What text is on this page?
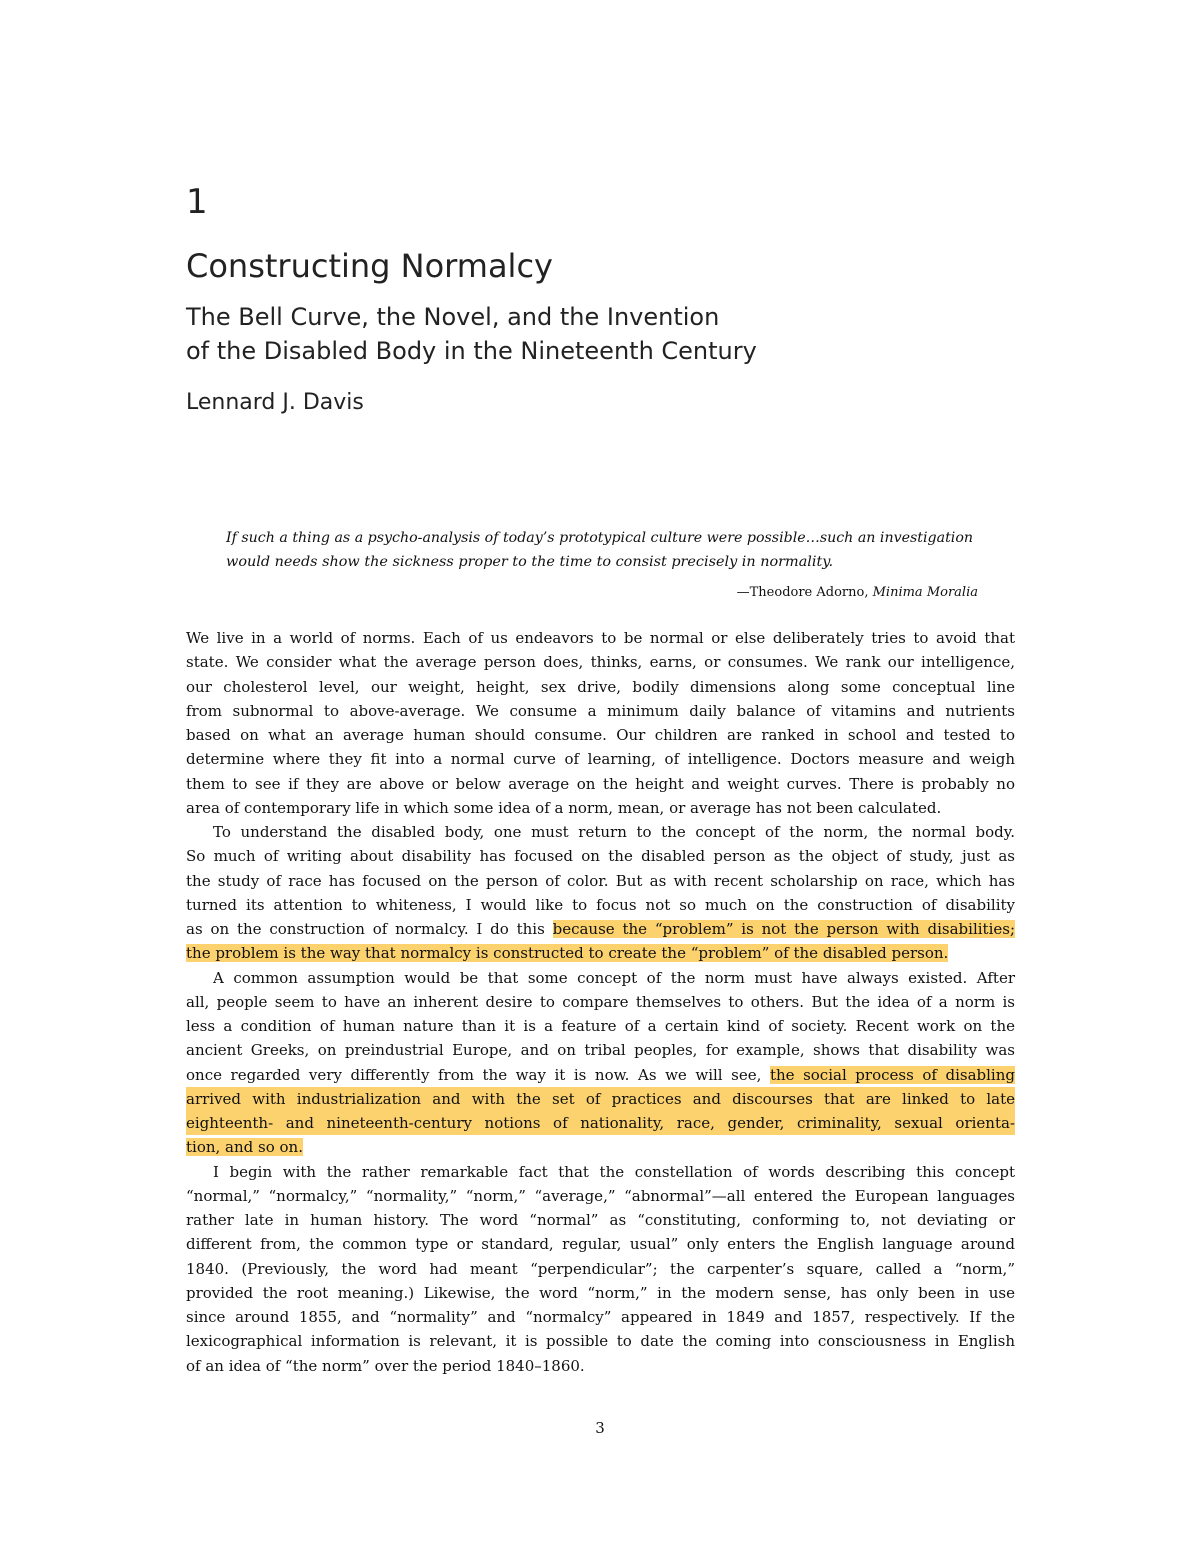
1
Constructing Normalcy
The Bell Curve, the Novel, and the Invention
of the Disabled Body in the Nineteenth Century
Lennard J. Davis
If such a thing as a psycho-analysis of today’s prototypical culture were possible…such an investigation
would needs show the sickness proper to the time to consist precisely in normality.
—Theodore Adorno, Minima Moralia
We live in a world of norms. Each of us endeavors to be normal or else deliberately tries to avoid that
state. We consider what the average person does, thinks, earns, or consumes. We rank our intelligence,
our cholesterol level, our weight, height, sex drive, bodily dimensions along some conceptual line
from subnormal to above-average. We consume a minimum daily balance of vitamins and nutrients
based on what an average human should consume. Our children are ranked in school and tested to
determine where they fit into a normal curve of learning, of intelligence. Doctors measure and weigh
them to see if they are above or below average on the height and weight curves. There is probably no
area of contemporary life in which some idea of a norm, mean, or average has not been calculated.
To understand the disabled body, one must return to the concept of the norm, the normal body.
So much of writing about disability has focused on the disabled person as the object of study, just as
the study of race has focused on the person of color. But as with recent scholarship on race, which has
turned its attention to whiteness, I would like to focus not so much on the construction of disability
as on the construction of normalcy. I do this because the “problem” is not the person with disabilities;
the problem is the way that normalcy is constructed to create the “problem” of the disabled person.
A common assumption would be that some concept of the norm must have always existed. After
all, people seem to have an inherent desire to compare themselves to others. But the idea of a norm is
less a condition of human nature than it is a feature of a certain kind of society. Recent work on the
ancient Greeks, on preindustrial Europe, and on tribal peoples, for example, shows that disability was
once regarded very differently from the way it is now. As we will see, the social process of disabling
arrived with industrialization and with the set of practices and discourses that are linked to late
eighteenth- and nineteenth-century notions of nationality, race, gender, criminality, sexual orienta-
tion, and so on.
I begin with the rather remarkable fact that the constellation of words describing this concept
“normal,” “normalcy,” “normality,” “norm,” “average,” “abnormal”—all entered the European languages
rather late in human history. The word “normal” as “constituting, conforming to, not deviating or
different from, the common type or standard, regular, usual” only enters the English language around
1840. (Previously, the word had meant “perpendicular”; the carpenter’s square, called a “norm,”
provided the root meaning.) Likewise, the word “norm,” in the modern sense, has only been in use
since around 1855, and “normality” and “normalcy” appeared in 1849 and 1857, respectively. If the
lexicographical information is relevant, it is possible to date the coming into consciousness in English
of an idea of “the norm” over the period 1840–1860.
3
